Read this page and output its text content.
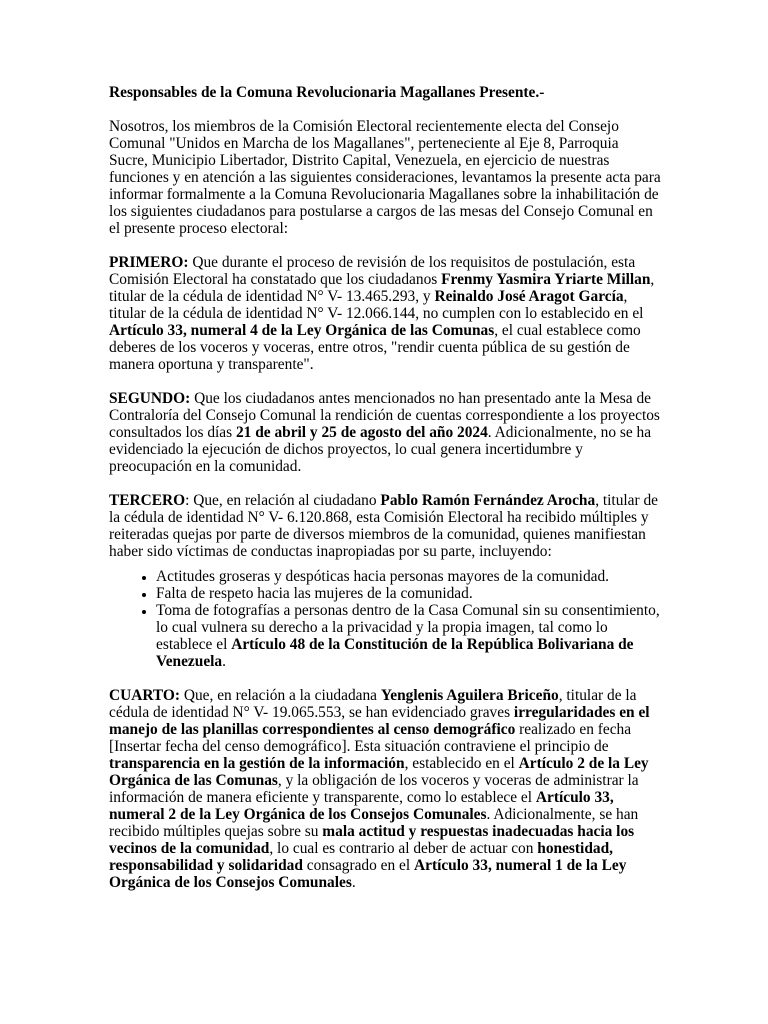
Responsables de la Comuna Revolucionaria Magallanes Presente.-

Nosotros, los miembros de la Comisión Electoral recientemente electa del Consejo Comunal "Unidos en Marcha de los Magallanes", perteneciente al Eje 8, Parroquia Sucre, Municipio Libertador, Distrito Capital, Venezuela, en ejercicio de nuestras funciones y en atención a las siguientes consideraciones, levantamos la presente acta para informar formalmente a la Comuna Revolucionaria Magallanes sobre la inhabilitación de los siguientes ciudadanos para postularse a cargos de las mesas del Consejo Comunal en el presente proceso electoral:

PRIMERO: Que durante el proceso de revisión de los requisitos de postulación, esta Comisión Electoral ha constatado que los ciudadanos Frenmy Yasmira Yriarte Millan, titular de la cédula de identidad N° V- 13.465.293, y Reinaldo José Aragot García, titular de la cédula de identidad N° V- 12.066.144, no cumplen con lo establecido en el Artículo 33, numeral 4 de la Ley Orgánica de las Comunas, el cual establece como deberes de los voceros y voceras, entre otros, "rendir cuenta pública de su gestión de manera oportuna y transparente".

SEGUNDO: Que los ciudadanos antes mencionados no han presentado ante la Mesa de Contraloría del Consejo Comunal la rendición de cuentas correspondiente a los proyectos consultados los días 21 de abril y 25 de agosto del año 2024. Adicionalmente, no se ha evidenciado la ejecución de dichos proyectos, lo cual genera incertidumbre y preocupación en la comunidad.

TERCERO: Que, en relación al ciudadano Pablo Ramón Fernández Arocha, titular de la cédula de identidad N° V- 6.120.868, esta Comisión Electoral ha recibido múltiples y reiteradas quejas por parte de diversos miembros de la comunidad, quienes manifiestan haber sido víctimas de conductas inapropiadas por su parte, incluyendo:

• Actitudes groseras y despóticas hacia personas mayores de la comunidad.
• Falta de respeto hacia las mujeres de la comunidad.
• Toma de fotografías a personas dentro de la Casa Comunal sin su consentimiento, lo cual vulnera su derecho a la privacidad y la propia imagen, tal como lo establece el Artículo 48 de la Constitución de la República Bolivariana de Venezuela.

CUARTO: Que, en relación a la ciudadana Yenglenis Aguilera Briceño, titular de la cédula de identidad N° V- 19.065.553, se han evidenciado graves irregularidades en el manejo de las planillas correspondientes al censo demográfico realizado en fecha [Insertar fecha del censo demográfico]. Esta situación contraviene el principio de transparencia en la gestión de la información, establecido en el Artículo 2 de la Ley Orgánica de las Comunas, y la obligación de los voceros y voceras de administrar la información de manera eficiente y transparente, como lo establece el Artículo 33, numeral 2 de la Ley Orgánica de los Consejos Comunales. Adicionalmente, se han recibido múltiples quejas sobre su mala actitud y respuestas inadecuadas hacia los vecinos de la comunidad, lo cual es contrario al deber de actuar con honestidad, responsabilidad y solidaridad consagrado en el Artículo 33, numeral 1 de la Ley Orgánica de los Consejos Comunales.
